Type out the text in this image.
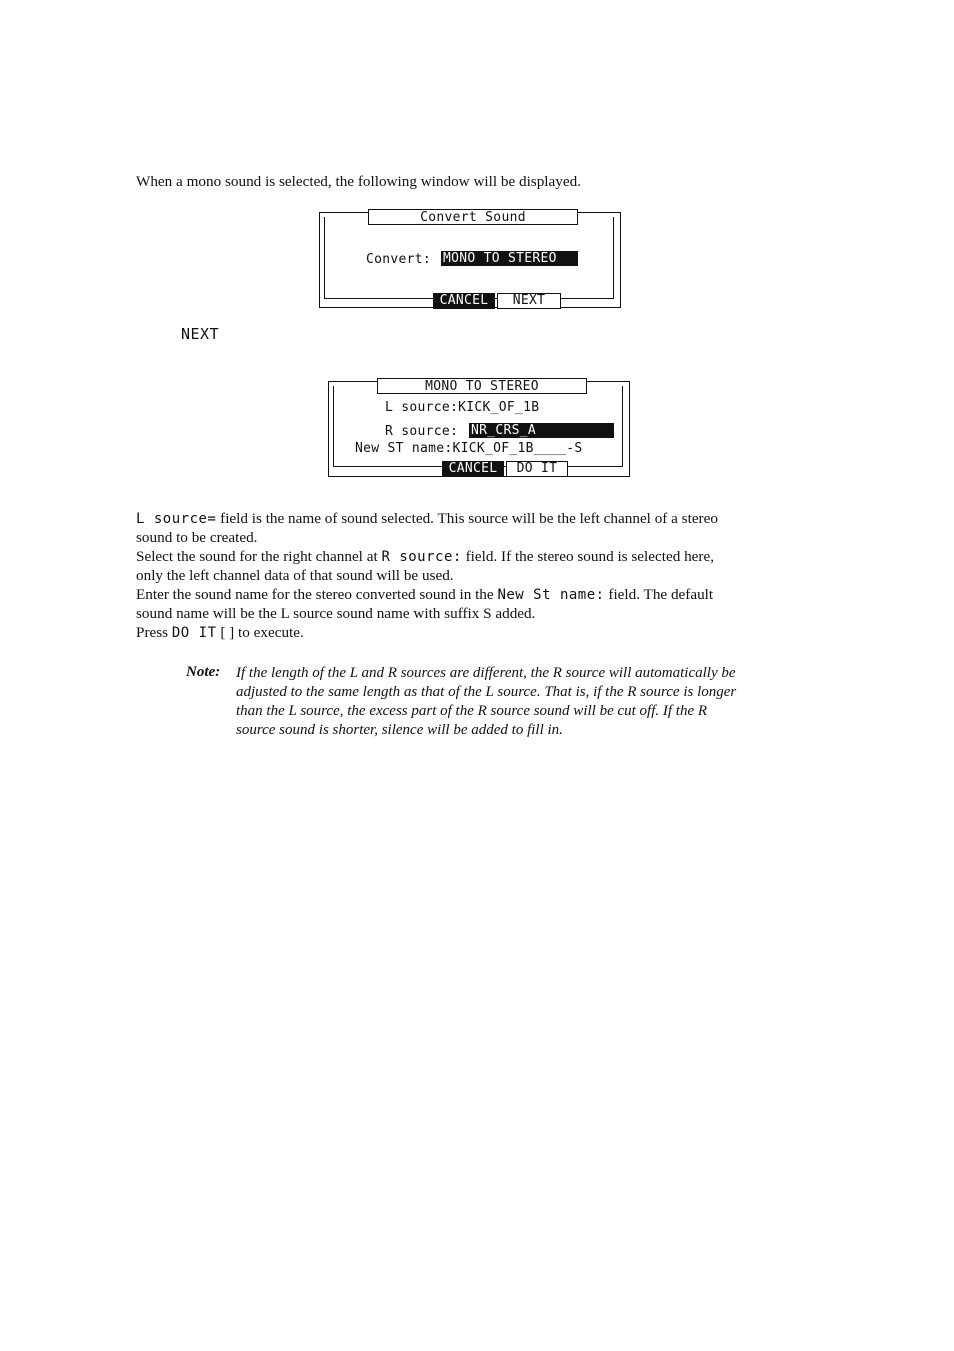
When a mono sound is selected, the following window will be displayed.
Convert Sound
Convert: MONO TO STEREO
CANCEL	NEXT
NEXT
MONO TO STEREO
L source:KICK_OF_1B
R source: NR_CRS_A
New ST name:KICK_OF_1B____-S
CANCEL	DO IT
L source= field is the name of sound selected. This source will be the left channel of a stereo
sound to be created.
Select the sound for the right channel at R source: field. If the stereo sound is selected here,
only the left channel data of that sound will be used.
Enter the sound name for the stereo converted sound in the New St name: field. The default
sound name will be the L source sound name with suffix S added.
Press DO IT [ ] to execute.
Note: If the length of the L and R sources are different, the R source will automatically be
adjusted to the same length as that of the L source. That is, if the R source is longer
than the L source, the excess part of the R source sound will be cut off. If the R
source sound is shorter, silence will be added to fill in.
